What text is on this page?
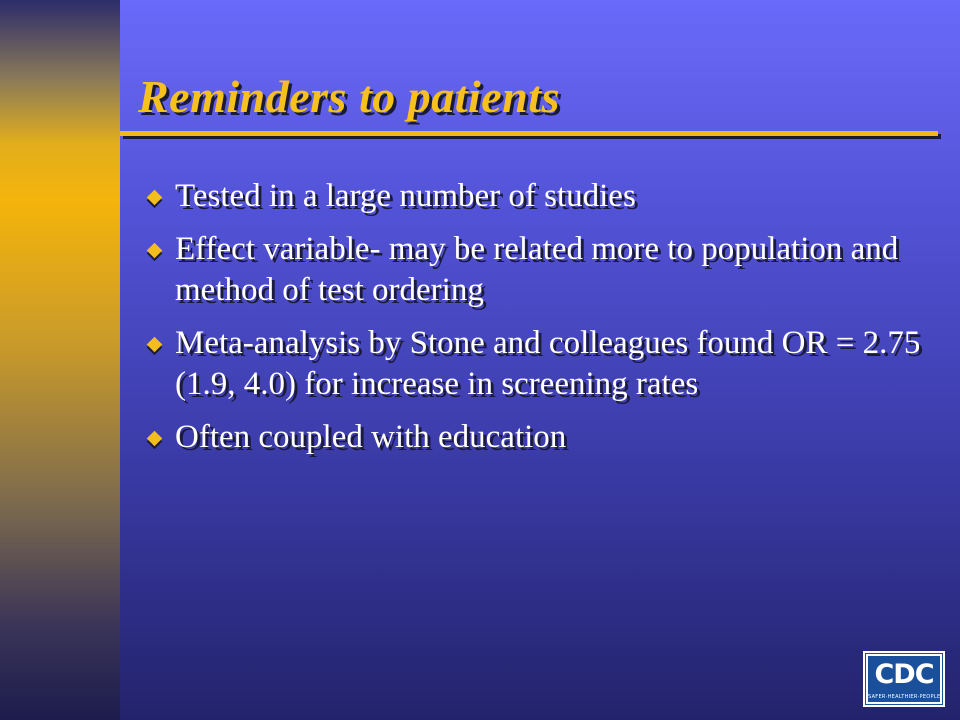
Reminders to patients
Tested in a large number of studies
Effect variable- may be related more to population and method of test ordering
Meta-analysis by Stone and colleagues found OR = 2.75 (1.9, 4.0) for increase in screening rates
Often coupled with education
CDC
SAFER·HEALTHIER·PEOPLE
